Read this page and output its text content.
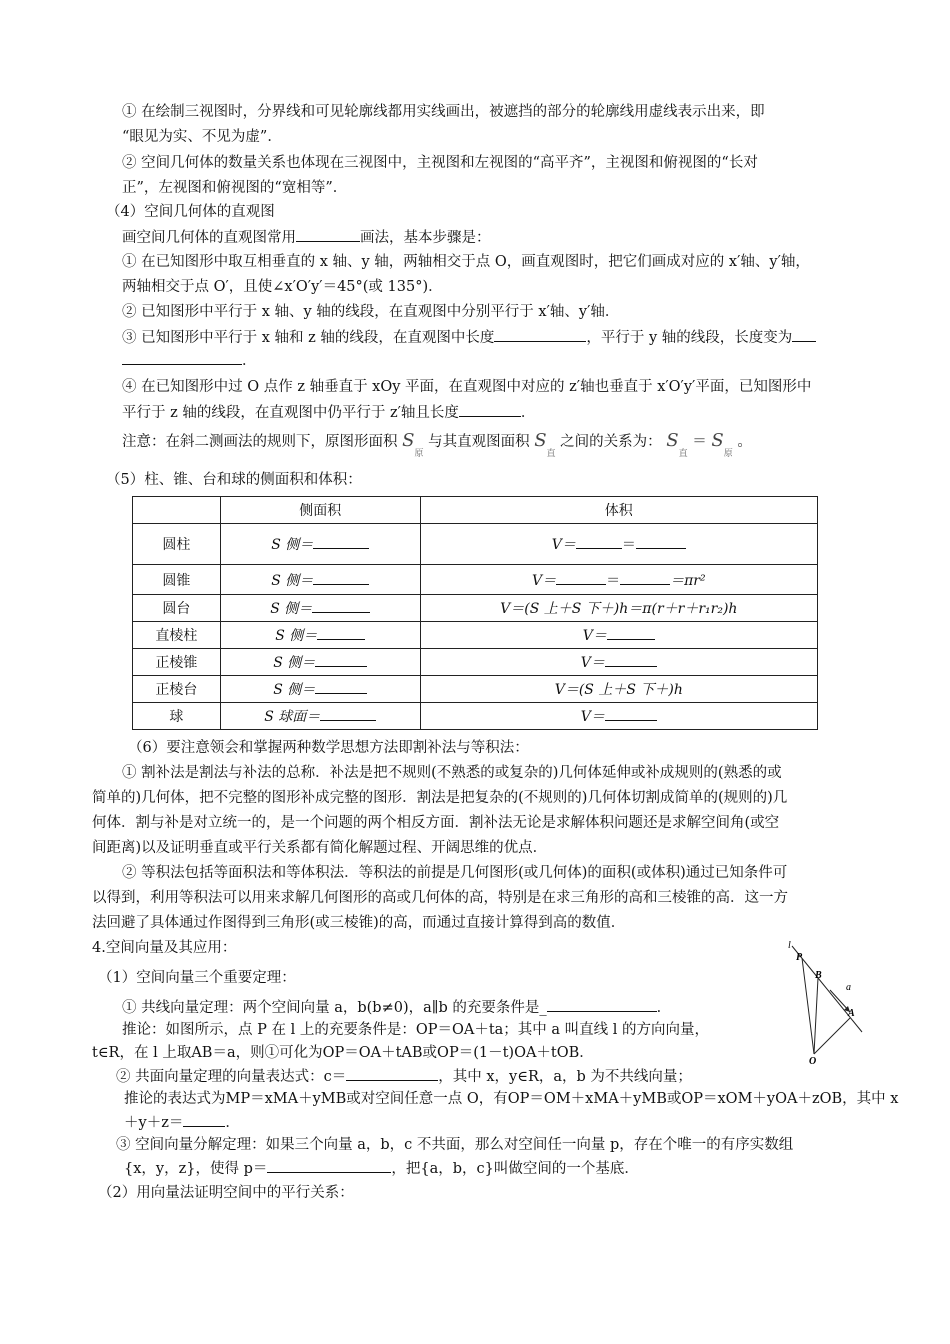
① 在绘制三视图时，分界线和可见轮廓线都用实线画出，被遮挡的部分的轮廓线用虚线表示出来，即
“眼见为实、不见为虚”．
② 空间几何体的数量关系也体现在三视图中，主视图和左视图的“高平齐”，主视图和俯视图的“长对
正”，左视图和俯视图的“宽相等”．
（4）空间几何体的直观图
画空间几何体的直观图常用	画法，基本步骤是：
① 在已知图形中取互相垂直的 x 轴、y 轴，两轴相交于点 O，画直观图时，把它们画成对应的 x′轴、y′轴，
两轴相交于点 O′，且使∠x′O′y′＝45°(或 135°)．
② 已知图形中平行于 x 轴、y 轴的线段，在直观图中分别平行于 x′轴、y′轴．
③ 已知图形中平行于 x 轴和 z 轴的线段，在直观图中长度	，平行于 y 轴的线段，长度变为
．
④ 在已知图形中过 O 点作 z 轴垂直于 xOy 平面，在直观图中对应的 z′轴也垂直于 x′O′y′平面，已知图形中
平行于 z 轴的线段，在直观图中仍平行于 z′轴且长度	．
注意：在斜二测画法的规则下，原图形面积 $S_原$ 与其直观图面积 $S_直$ 之间的关系为： $S_直 = S_原$ 。
（5）柱、锥、台和球的侧面积和体积：
	侧面积	体积
圆柱	S 侧＝	V＝ ＝
圆锥	S 侧＝	V＝ ＝ ＝πr²
圆台	S 侧＝	V＝(S 上＋S 下＋)h＝π(r＋r＋r₁r₂)h
直棱柱	S 侧＝	V＝
正棱锥	S 侧＝	V＝
正棱台	S 侧＝	V＝(S 上＋S 下＋)h
球	S 球面＝	V＝
（6）要注意领会和掌握两种数学思想方法即割补法与等积法：
① 割补法是割法与补法的总称．补法是把不规则(不熟悉的或复杂的)几何体延伸或补成规则的(熟悉的或
简单的)几何体，把不完整的图形补成完整的图形．割法是把复杂的(不规则的)几何体切割成简单的(规则的)几
何体．割与补是对立统一的，是一个问题的两个相反方面．割补法无论是求解体积问题还是求解空间角(或空
间距离)以及证明垂直或平行关系都有简化解题过程、开阔思维的优点．
② 等积法包括等面积法和等体积法．等积法的前提是几何图形(或几何体)的面积(或体积)通过已知条件可
以得到，利用等积法可以用来求解几何图形的高或几何体的高，特别是在求三角形的高和三棱锥的高．这一方
法回避了具体通过作图得到三角形(或三棱锥)的高，而通过直接计算得到高的数值．
4.空间向量及其应用：
（1）空间向量三个重要定理：
① 共线向量定理：两个空间向量 a，b(b≠0)，a∥b 的充要条件是_	．
推论：如图所示，点 P 在 l 上的充要条件是：OP＝OA＋ta；其中 a 叫直线 l 的方向向量，
t∈R，在 l 上取AB＝a，则①可化为OP＝OA＋tAB或OP＝(1－t)OA＋tOB．
② 共面向量定理的向量表达式：c＝	，其中 x，y∈R，a，b 为不共线向量；
推论的表达式为MP＝xMA＋yMB或对空间任意一点 O，有OP＝OM＋xMA＋yMB或OP＝xOM＋yOA＋zOB，其中 x
＋y＋z＝	．
③ 空间向量分解定理：如果三个向量 a，b，c 不共面，那么对空间任一向量 p，存在个唯一的有序实数组
{x，y，z}，使得 p＝	，把{a，b，c}叫做空间的一个基底．
（2）用向量法证明空间中的平行关系：
l
P
B
a
A
O
